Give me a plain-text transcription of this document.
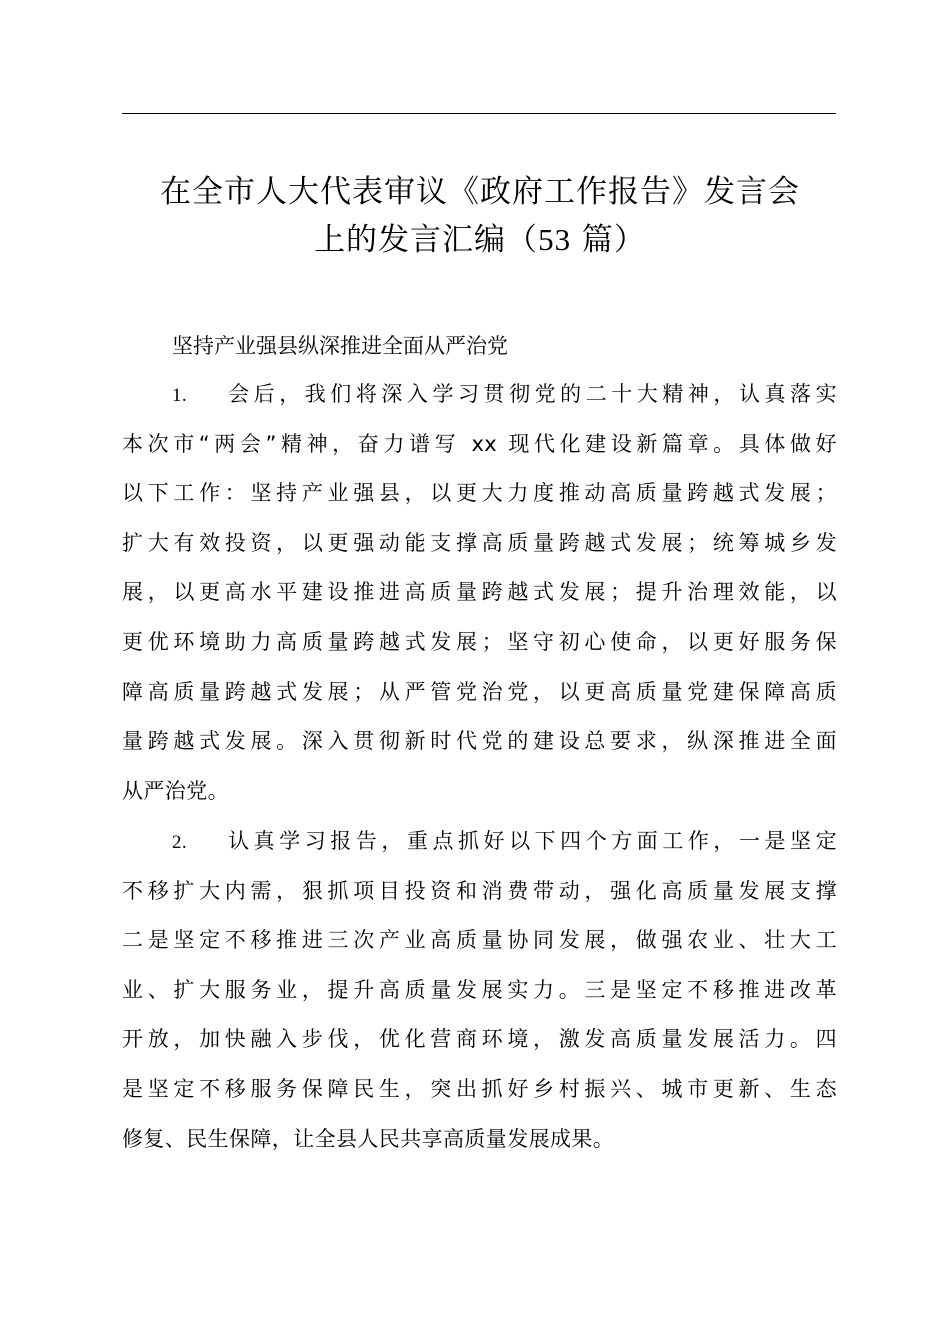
在全市人大代表审议《政府工作报告》发言会
上的发言汇编（53 篇）
坚持产业强县纵深推进全面从严治党
1. 会后，我们将深入学习贯彻党的二十大精神，认真落实
本次市“两会”精神，奋力谱写 xx 现代化建设新篇章。具体做好
以下工作：坚持产业强县，以更大力度推动高质量跨越式发展；
扩大有效投资，以更强动能支撑高质量跨越式发展；统筹城乡发
展，以更高水平建设推进高质量跨越式发展；提升治理效能，以
更优环境助力高质量跨越式发展；坚守初心使命，以更好服务保
障高质量跨越式发展；从严管党治党，以更高质量党建保障高质
量跨越式发展。深入贯彻新时代党的建设总要求，纵深推进全面
从严治党。
2. 认真学习报告，重点抓好以下四个方面工作，一是坚定
不移扩大内需，狠抓项目投资和消费带动，强化高质量发展支撑
二是坚定不移推进三次产业高质量协同发展，做强农业、壮大工
业、扩大服务业，提升高质量发展实力。三是坚定不移推进改革
开放，加快融入步伐，优化营商环境，激发高质量发展活力。四
是坚定不移服务保障民生，突出抓好乡村振兴、城市更新、生态
修复、民生保障，让全县人民共享高质量发展成果。
